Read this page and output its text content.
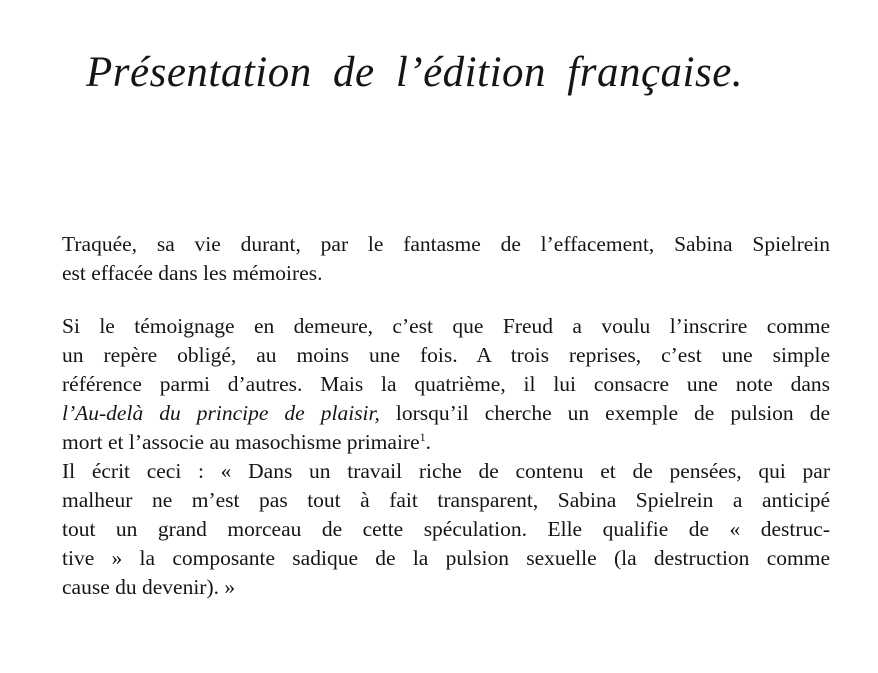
Présentation de l’édition française.

Traquée, sa vie durant, par le fantasme de l’effacement, Sabina Spielrein
est effacée dans les mémoires.

Si le témoignage en demeure, c’est que Freud a voulu l’inscrire comme
un repère obligé, au moins une fois. A trois reprises, c’est une simple
référence parmi d’autres. Mais la quatrième, il lui consacre une note dans
l’Au-delà du principe de plaisir, lorsqu’il cherche un exemple de pulsion de
mort et l’associe au masochisme primaire$^1$.

Il écrit ceci : « Dans un travail riche de contenu et de pensées, qui par
malheur ne m’est pas tout à fait transparent, Sabina Spielrein a anticipé
tout un grand morceau de cette spéculation. Elle qualifie de « destruc-
tive » la composante sadique de la pulsion sexuelle (la destruction comme
cause du devenir). »
